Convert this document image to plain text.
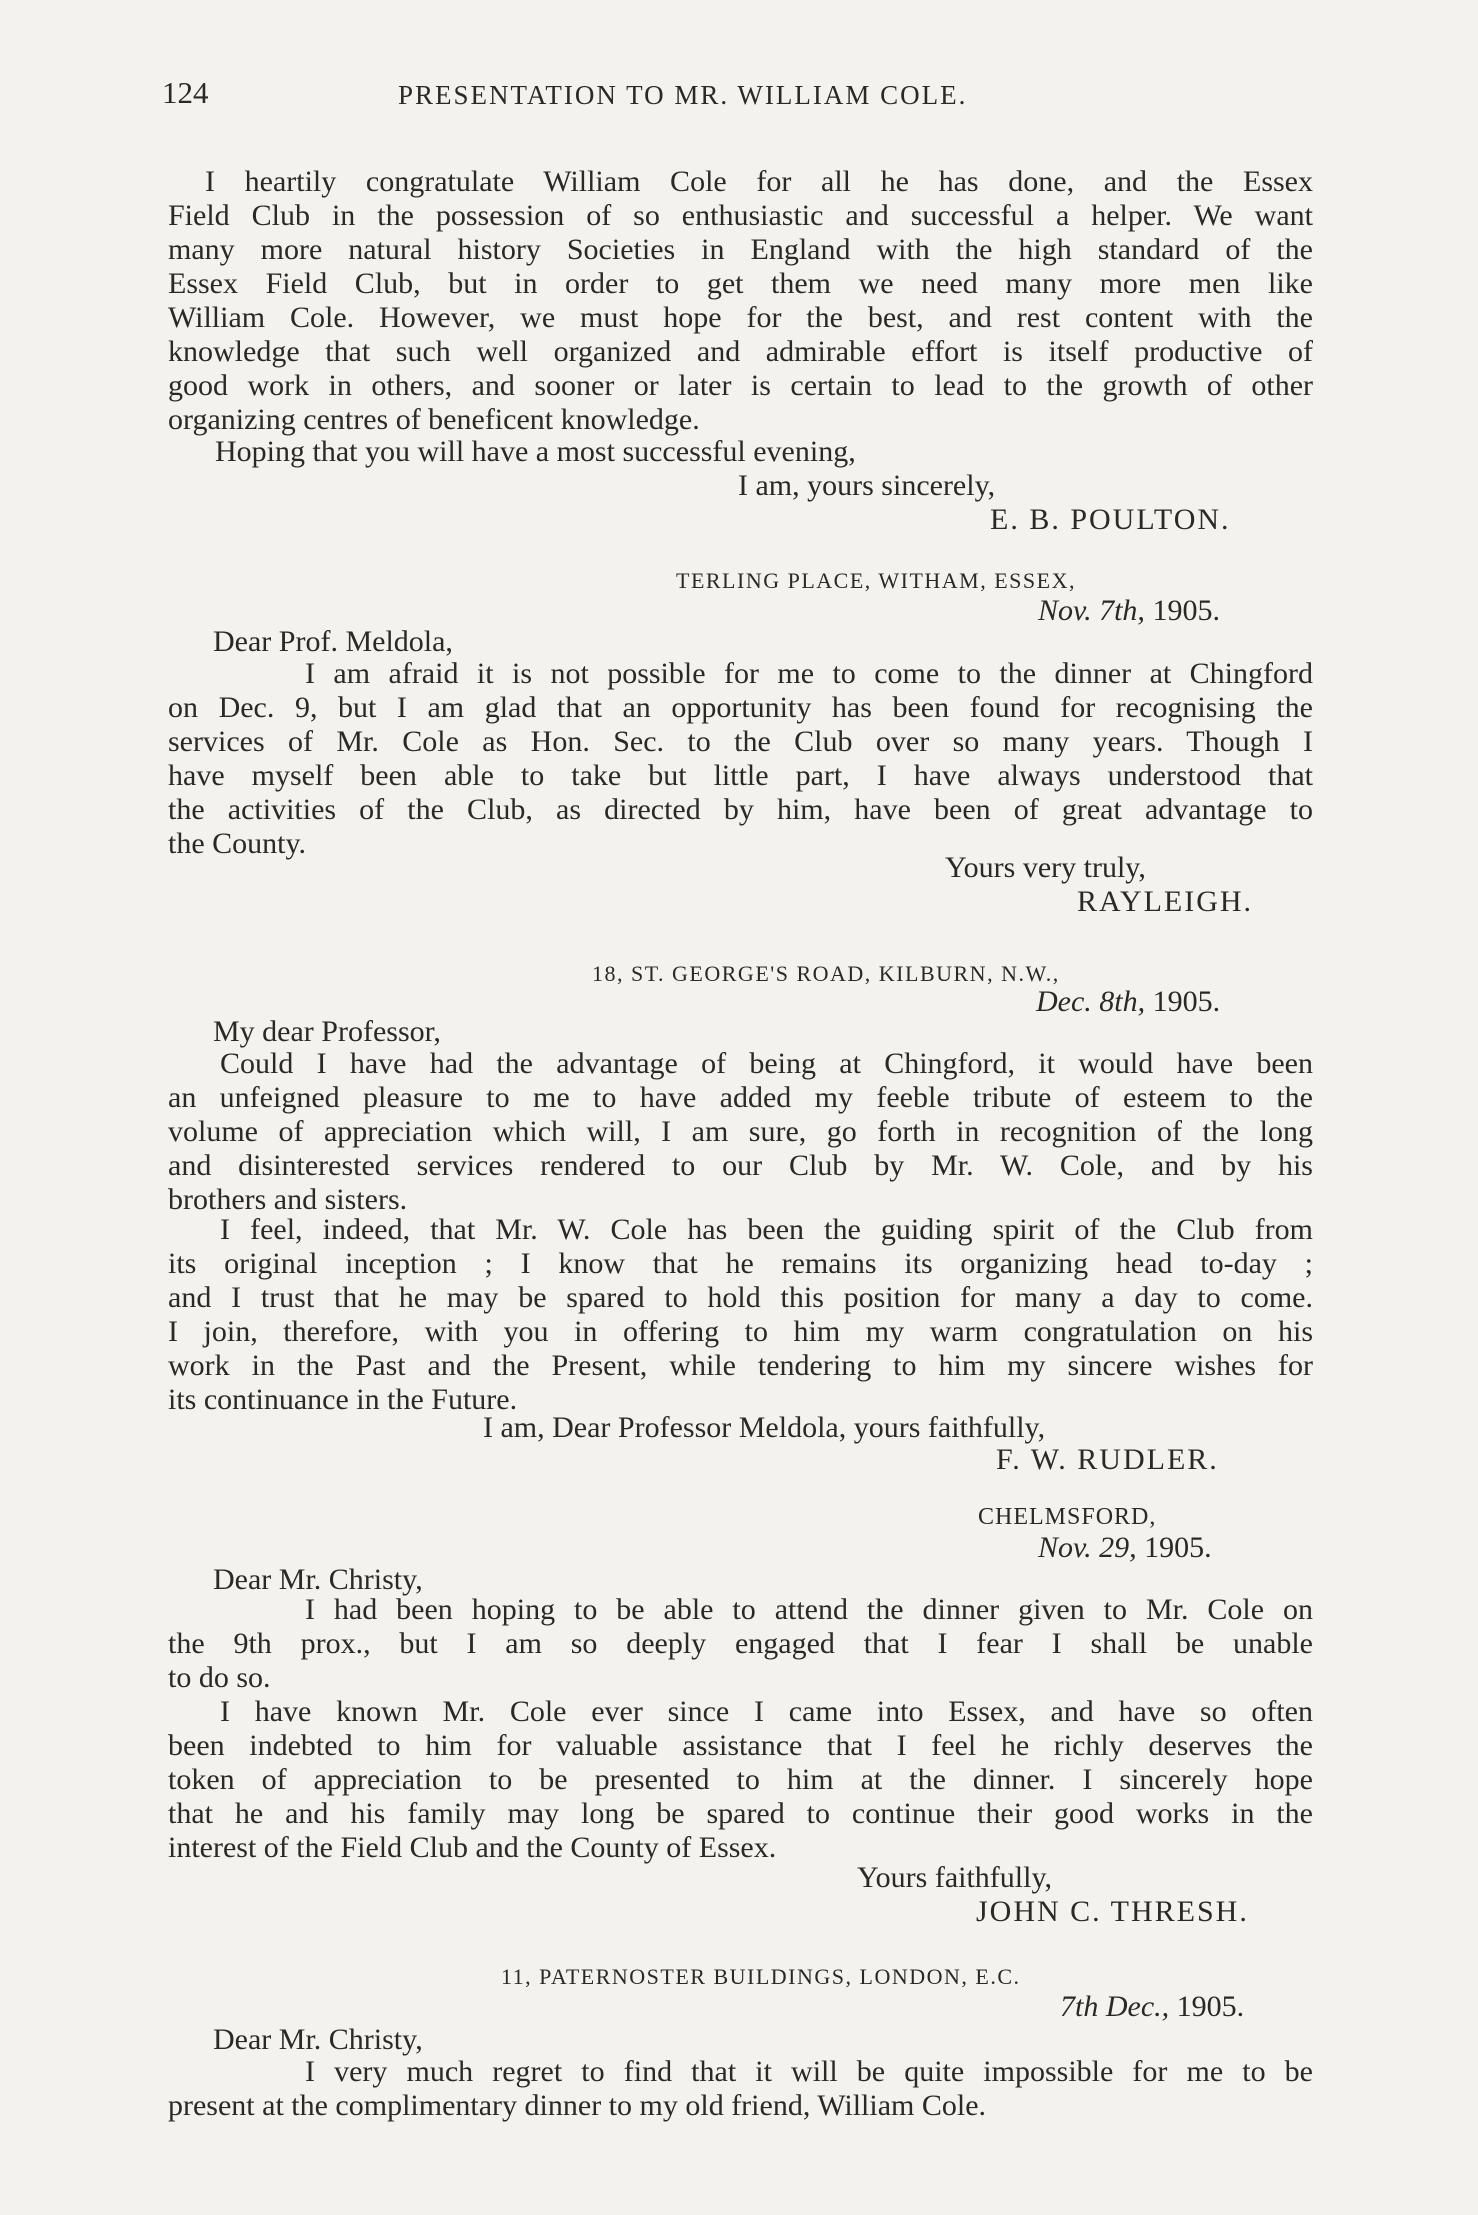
124	PRESENTATION TO MR. WILLIAM COLE.

I heartily congratulate William Cole for all he has done, and the Essex

Field Club in the possession of so enthusiastic and successful a helper. We want

many more natural history Societies in England with the high standard of the

Essex Field Club, but in order to get them we need many more men like

William Cole. However, we must hope for the best, and rest content with the

knowledge that such well organized and admirable effort is itself productive of

good work in others, and sooner or later is certain to lead to the growth of other

organizing centres of beneficent knowledge.

Hoping that you will have a most successful evening,

I am, yours sincerely,

E. B. POULTON.

TERLING PLACE, WITHAM, ESSEX,

Nov. 7th, 1905.

Dear Prof. Meldola,

I am afraid it is not possible for me to come to the dinner at Chingford

on Dec. 9, but I am glad that an opportunity has been found for recognising the

services of Mr. Cole as Hon. Sec. to the Club over so many years. Though I

have myself been able to take but little part, I have always understood that

the activities of the Club, as directed by him, have been of great advantage to

the County.

Yours very truly,

RAYLEIGH.

18, ST. GEORGE'S ROAD, KILBURN, N.W.,

Dec. 8th, 1905.

My dear Professor,

Could I have had the advantage of being at Chingford, it would have been

an unfeigned pleasure to me to have added my feeble tribute of esteem to the

volume of appreciation which will, I am sure, go forth in recognition of the long

and disinterested services rendered to our Club by Mr. W. Cole, and by his

brothers and sisters.

I feel, indeed, that Mr. W. Cole has been the guiding spirit of the Club from

its original inception ; I know that he remains its organizing head to-day ;

and I trust that he may be spared to hold this position for many a day to come.

I join, therefore, with you in offering to him my warm congratulation on his

work in the Past and the Present, while tendering to him my sincere wishes for

its continuance in the Future.

I am, Dear Professor Meldola, yours faithfully,

F. W. RUDLER.

CHELMSFORD,

Nov. 29, 1905.

Dear Mr. Christy,

I had been hoping to be able to attend the dinner given to Mr. Cole on

the 9th prox., but I am so deeply engaged that I fear I shall be unable

to do so.

I have known Mr. Cole ever since I came into Essex, and have so often

been indebted to him for valuable assistance that I feel he richly deserves the

token of appreciation to be presented to him at the dinner. I sincerely hope

that he and his family may long be spared to continue their good works in the

interest of the Field Club and the County of Essex.

Yours faithfully,

JOHN C. THRESH.

11, PATERNOSTER BUILDINGS, LONDON, E.C.

7th Dec., 1905.

Dear Mr. Christy,

I very much regret to find that it will be quite impossible for me to be

present at the complimentary dinner to my old friend, William Cole.
